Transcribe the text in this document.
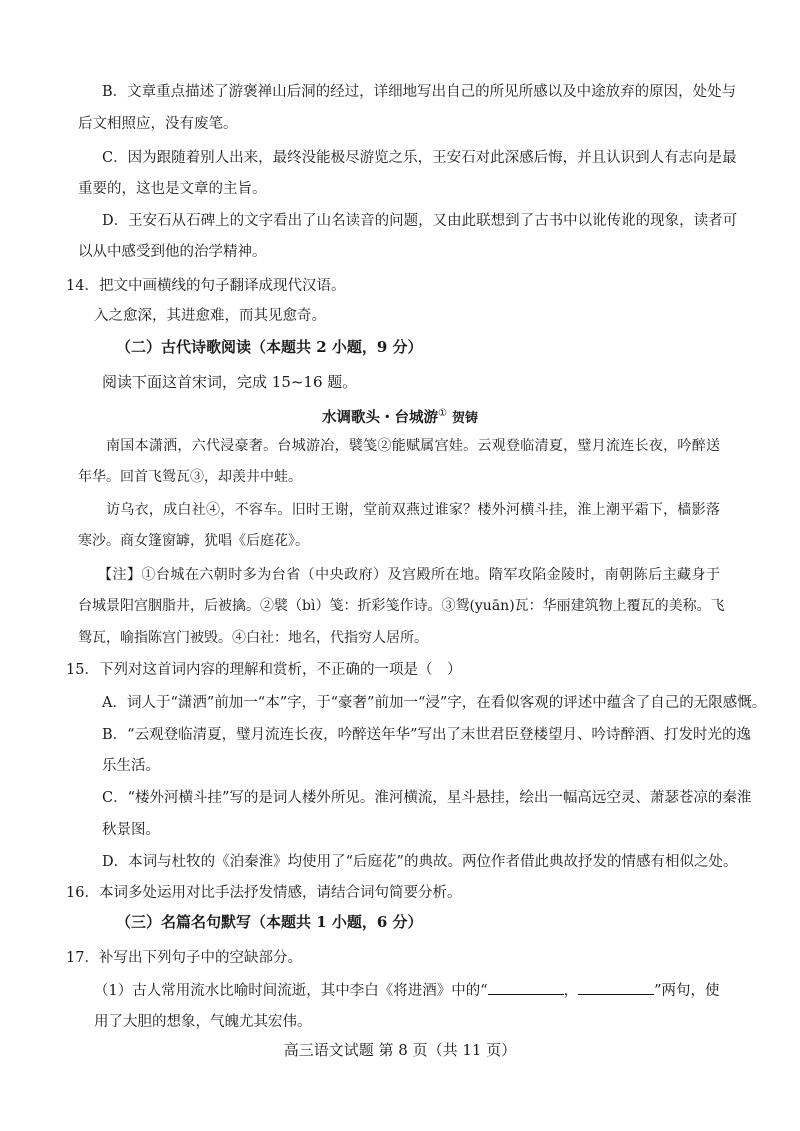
B．文章重点描述了游褒禅山后洞的经过，详细地写出自己的所见所感以及中途放弃的原因，处处与
后文相照应，没有废笔。
C．因为跟随着别人出来，最终没能极尽游览之乐，王安石对此深感后悔，并且认识到人有志向是最
重要的，这也是文章的主旨。
D．王安石从石碑上的文字看出了山名读音的问题，又由此联想到了古书中以讹传讹的现象，读者可
以从中感受到他的治学精神。
14．把文中画横线的句子翻译成现代汉语。
入之愈深，其进愈难，而其见愈奇。
（二）古代诗歌阅读（本题共 2 小题，9 分）
阅读下面这首宋词，完成 15~16 题。
水调歌头・台城游① 贺铸
南国本潇洒，六代浸豪奢。台城游冶，襞笺②能赋属宫娃。云观登临清夏，璧月流连长夜，吟醉送
年华。回首飞鸳瓦③，却羡井中蛙。
访乌衣，成白社④，不容车。旧时王谢，堂前双燕过谁家？楼外河横斗挂，淮上潮平霜下，樯影落
寒沙。商女篷窗罅，犹唱《后庭花》。
【注】①台城在六朝时多为台省（中央政府）及宫殿所在地。隋军攻陷金陵时，南朝陈后主藏身于
台城景阳宫胭脂井，后被擒。②襞（bì）笺：折彩笺作诗。③鸳(yuān)瓦：华丽建筑物上覆瓦的美称。飞
鸳瓦，喻指陈宫门被毁。④白社：地名，代指穷人居所。
15．下列对这首词内容的理解和赏析，不正确的一项是（　）
A．词人于“潇洒”前加一“本”字，于“豪奢”前加一“浸”字，在看似客观的评述中蕴含了自己的无限感慨。
B．“云观登临清夏，璧月流连长夜，吟醉送年华”写出了末世君臣登楼望月、吟诗醉酒、打发时光的逸
乐生活。
C．“楼外河横斗挂”写的是词人楼外所见。淮河横流，星斗悬挂，绘出一幅高远空灵、萧瑟苍凉的秦淮
秋景图。
D．本词与杜牧的《泊秦淮》均使用了“后庭花”的典故。两位作者借此典故抒发的情感有相似之处。
16．本词多处运用对比手法抒发情感，请结合词句简要分析。
（三）名篇名句默写（本题共 1 小题，6 分）
17．补写出下列句子中的空缺部分。
（1）古人常用流水比喻时间流逝，其中李白《将进酒》中的“	，	”两句，使
用了大胆的想象，气魄尤其宏伟。
高三语文试题 第 8 页（共 11 页）
